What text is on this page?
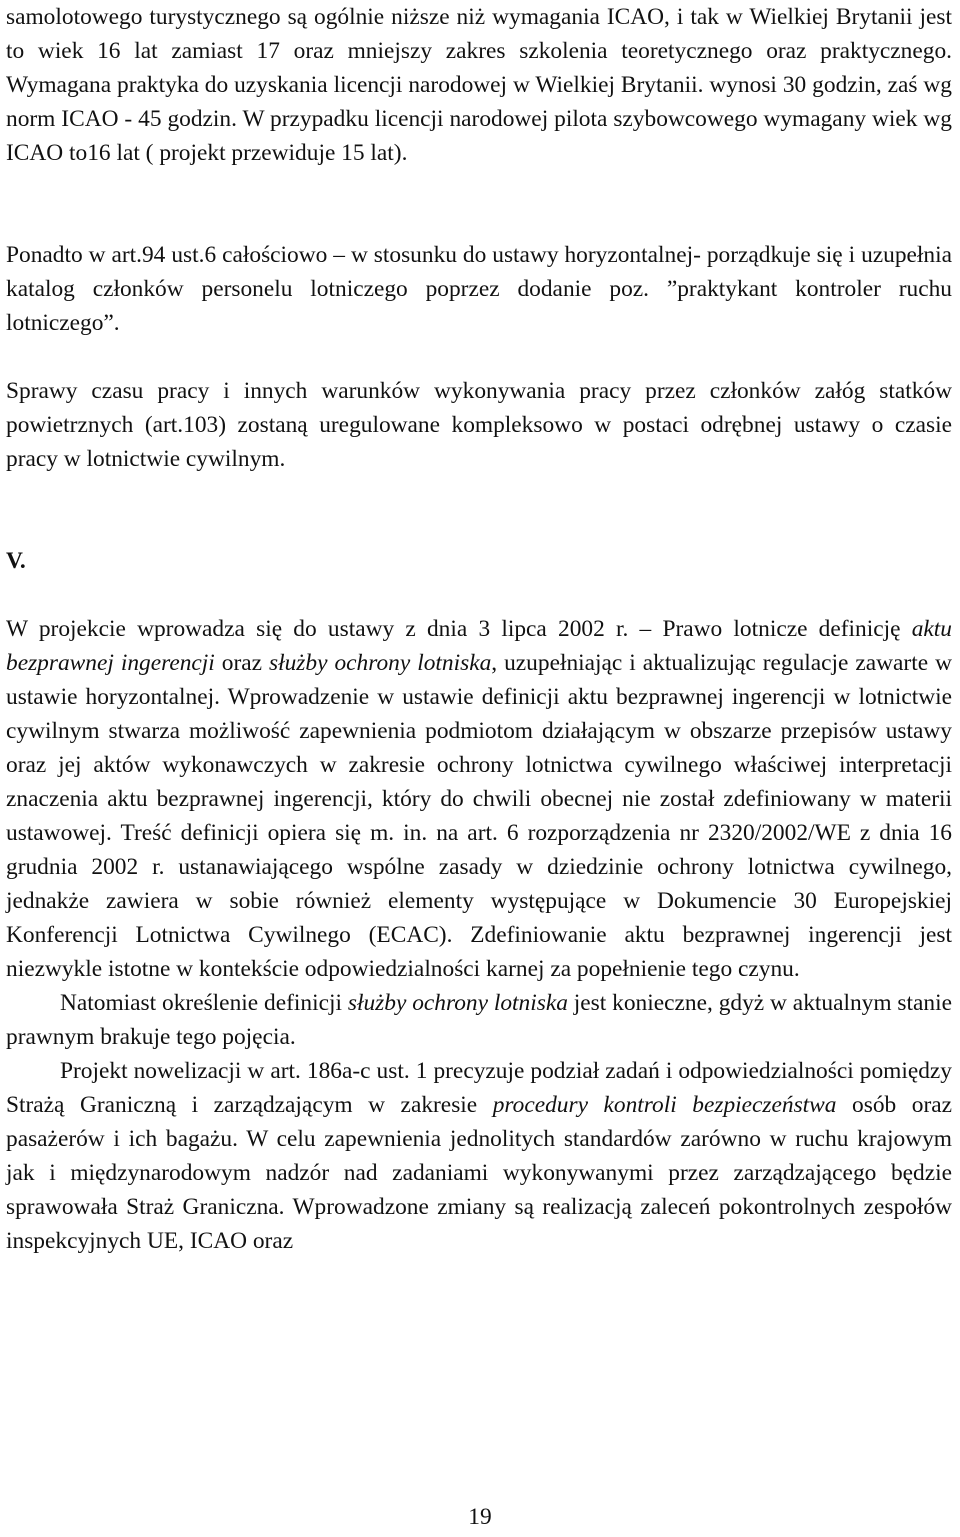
samolotowego turystycznego są ogólnie niższe niż wymagania ICAO, i tak w Wielkiej Brytanii jest to wiek 16 lat zamiast 17 oraz mniejszy zakres szkolenia teoretycznego oraz praktycznego. Wymagana praktyka do uzyskania licencji narodowej w Wielkiej Brytanii. wynosi 30 godzin, zaś wg norm ICAO - 45 godzin. W przypadku licencji narodowej pilota szybowcowego wymagany wiek wg ICAO to16 lat ( projekt przewiduje 15 lat).

Ponadto w art.94 ust.6 całościowo – w stosunku do ustawy horyzontalnej- porządkuje się i uzupełnia katalog członków personelu lotniczego poprzez dodanie poz. ”praktykant kontroler ruchu lotniczego”.

Sprawy czasu pracy i innych warunków wykonywania pracy przez członków załóg statków powietrznych (art.103) zostaną uregulowane kompleksowo w postaci odrębnej ustawy o czasie pracy w lotnictwie cywilnym.

V.

W projekcie wprowadza się do ustawy z dnia 3 lipca 2002 r. – Prawo lotnicze definicję aktu bezprawnej ingerencji oraz służby ochrony lotniska, uzupełniając i aktualizując regulacje zawarte w ustawie horyzontalnej. Wprowadzenie w ustawie definicji aktu bezprawnej ingerencji w lotnictwie cywilnym stwarza możliwość zapewnienia podmiotom działającym w obszarze przepisów ustawy oraz jej aktów wykonawczych w zakresie ochrony lotnictwa cywilnego właściwej interpretacji znaczenia aktu bezprawnej ingerencji, który do chwili obecnej nie został zdefiniowany w materii ustawowej. Treść definicji opiera się m. in. na art. 6 rozporządzenia nr 2320/2002/WE z dnia 16 grudnia 2002 r. ustanawiającego wspólne zasady w dziedzinie ochrony lotnictwa cywilnego, jednakże zawiera w sobie również elementy występujące w Dokumencie 30 Europejskiej Konferencji Lotnictwa Cywilnego (ECAC). Zdefiniowanie aktu bezprawnej ingerencji jest niezwykle istotne w kontekście odpowiedzialności karnej za popełnienie tego czynu.

Natomiast określenie definicji służby ochrony lotniska jest konieczne, gdyż w aktualnym stanie prawnym brakuje tego pojęcia.

Projekt nowelizacji w art. 186a-c ust. 1 precyzuje podział zadań i odpowiedzialności pomiędzy Strażą Graniczną i zarządzającym w zakresie procedury kontroli bezpieczeństwa osób oraz pasażerów i ich bagażu. W celu zapewnienia jednolitych standardów zarówno w ruchu krajowym jak i międzynarodowym nadzór nad zadaniami wykonywanymi przez zarządzającego będzie sprawowała Straż Graniczna. Wprowadzone zmiany są realizacją zaleceń pokontrolnych zespołów inspekcyjnych UE, ICAO oraz

19
